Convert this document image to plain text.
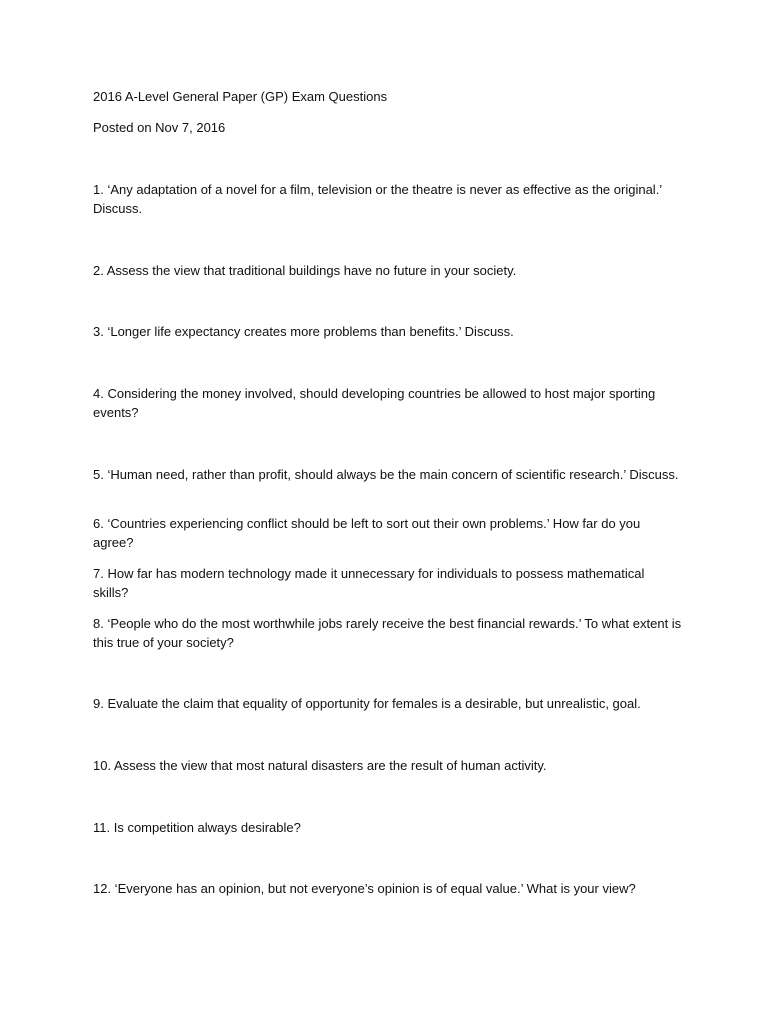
2016 A-Level General Paper (GP) Exam Questions
Posted on Nov 7, 2016
1. ‘Any adaptation of a novel for a film, television or the theatre is never as effective as the original.’ Discuss.
2. Assess the view that traditional buildings have no future in your society.
3. ‘Longer life expectancy creates more problems than benefits.’ Discuss.
4. Considering the money involved, should developing countries be allowed to host major sporting events?
5. ‘Human need, rather than profit, should always be the main concern of scientific research.’ Discuss.
6. ‘Countries experiencing conflict should be left to sort out their own problems.’ How far do you agree?
7. How far has modern technology made it unnecessary for individuals to possess mathematical skills?
8. ‘People who do the most worthwhile jobs rarely receive the best financial rewards.’ To what extent is this true of your society?
9. Evaluate the claim that equality of opportunity for females is a desirable, but unrealistic, goal.
10. Assess the view that most natural disasters are the result of human activity.
11. Is competition always desirable?
12. ‘Everyone has an opinion, but not everyone’s opinion is of equal value.’ What is your view?
